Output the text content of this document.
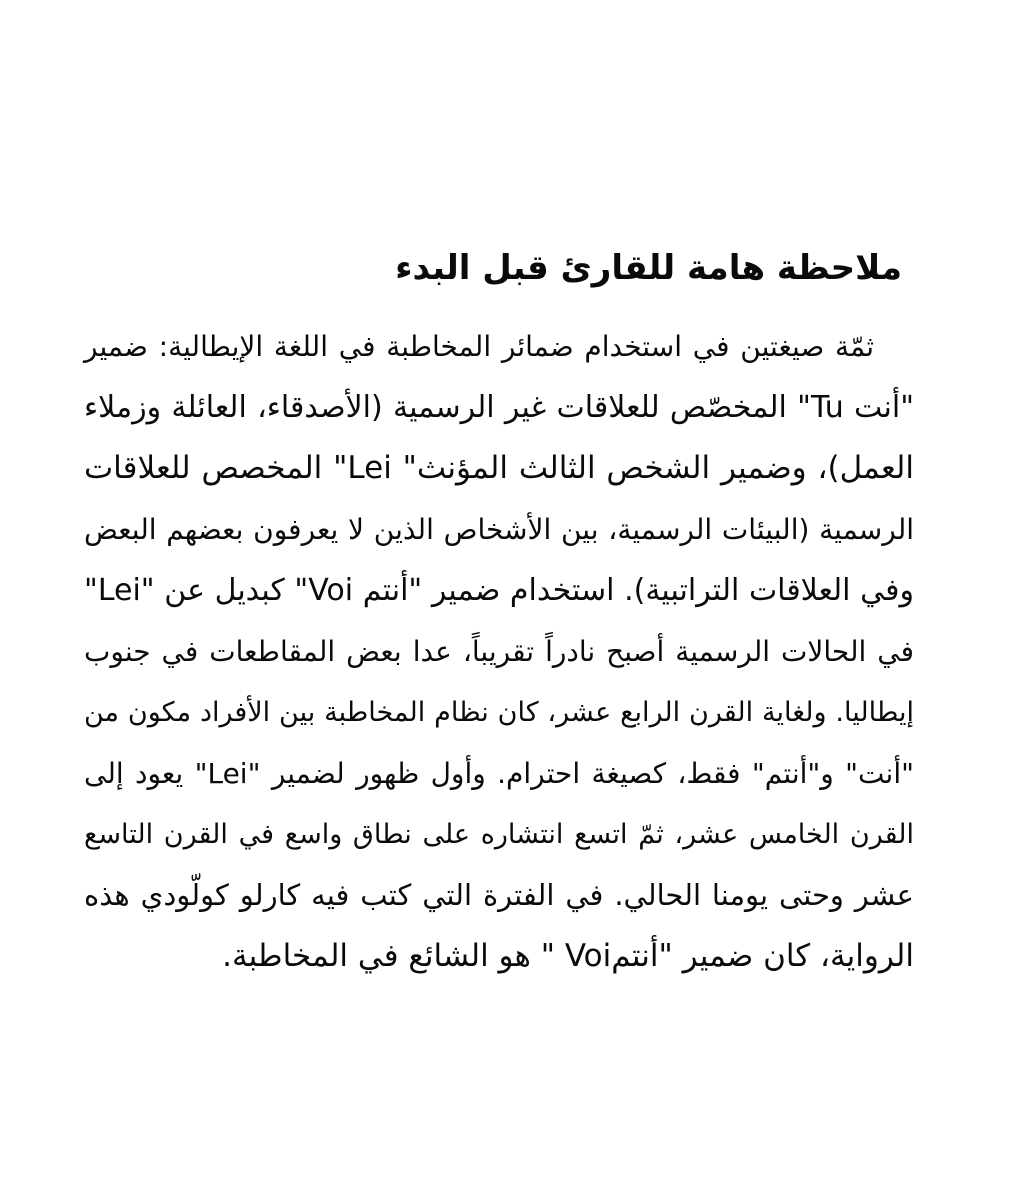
ملاحظة هامة للقارئ قبل البدء
ثمّة صيغتين في استخدام ضمائر المخاطبة في اللغة الإيطالية: ضمير
"أنت Tu" المخصّص للعلاقات غير الرسمية (الأصدقاء، العائلة وزملاء
العمل)، وضمير الشخص الثالث المؤنث" Lei" المخصص للعلاقات
الرسمية (البيئات الرسمية، بين الأشخاص الذين لا يعرفون بعضهم البعض
وفي العلاقات التراتبية). استخدام ضمير "أنتم Voi" كبديل عن "Lei"
في الحالات الرسمية أصبح نادراً تقريباً، عدا بعض المقاطعات في جنوب
إيطاليا. ولغاية القرن الرابع عشر، كان نظام المخاطبة بين الأفراد مكون من
"أنت" و"أنتم" فقط، كصيغة احترام. وأول ظهور لضمير "Lei" يعود إلى
القرن الخامس عشر، ثمّ اتسع انتشاره على نطاق واسع في القرن التاسع
عشر وحتى يومنا الحالي. في الفترة التي كتب فيه كارلو كولّودي هذه
الرواية، كان ضمير "أنتمVoi " هو الشائع في المخاطبة.
